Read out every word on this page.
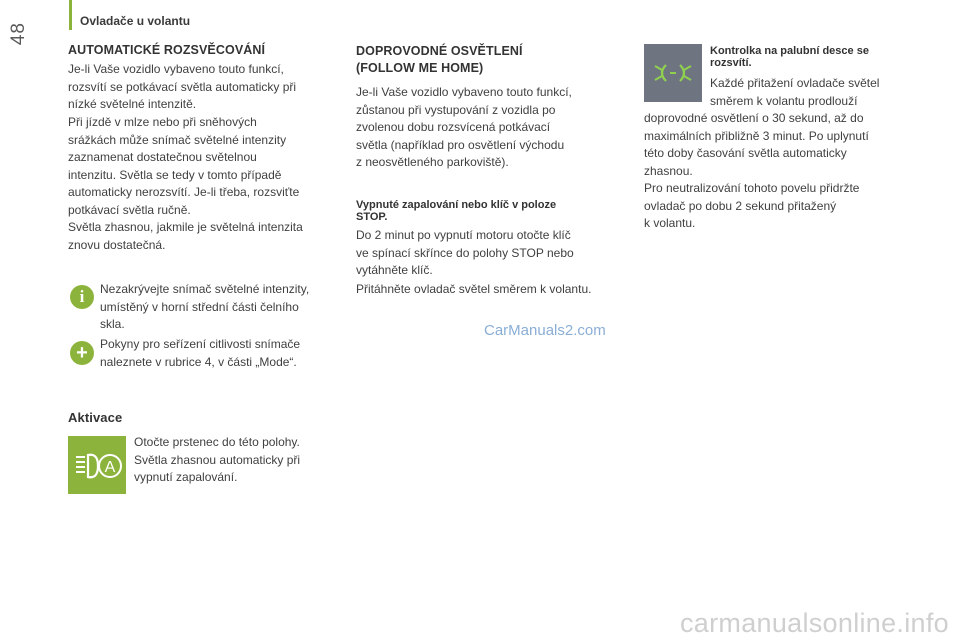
48
Ovladače u volantu
AUTOMATICKÉ ROZSVĚCOVÁNÍ

Je-li Vaše vozidlo vybaveno touto funkcí,

rozsvítí se potkávací světla automaticky při

nízké světelné intenzitě.

Při jízdě v mlze nebo při sněhových

srážkách může snímač světelné intenzity

zaznamenat dostatečnou světelnou

intenzitu. Světla se tedy v tomto případě

automaticky nerozsvítí. Je-li třeba, rozsviťte

potkávací světla ručně.

Světla zhasnou, jakmile je světelná intenzita

znovu dostatečná.

i	Nezakrývejte snímač světelné intenzity,

umístěný v horní střední části čelního

skla.

+	Pokyny pro seřízení citlivosti snímače

naleznete v rubrice 4, v části „Mode“.

Aktivace
A

Otočte prstenec do této polohy.

Světla zhasnou automaticky při

vypnutí zapalování.

DOPROVODNÉ OSVĚTLENÍ
(FOLLOW ME HOME)

Je-li Vaše vozidlo vybaveno touto funkcí,

zůstanou při vystupování z vozidla po

zvolenou dobu rozsvícená potkávací

světla (například pro osvětlení východu

z neosvětleného parkoviště).

Vypnuté zapalování nebo klíč v poloze
STOP.

Do 2 minut po vypnutí motoru otočte klíč

ve spínací skřínce do polohy STOP nebo

vytáhněte klíč.

Přitáhněte ovladač světel směrem k volantu.

CarManuals2.com
Kontrolka na palubní desce se
rozsvítí.

Každé přitažení ovladače světel

směrem k volantu prodlouží

doprovodné osvětlení o 30 sekund, až do

maximálních přibližně 3 minut. Po uplynutí

této doby časování světla automaticky

zhasnou.

Pro neutralizování tohoto povelu přidržte

ovladač po dobu 2 sekund přitažený

k volantu.

carmanualsonline.info
